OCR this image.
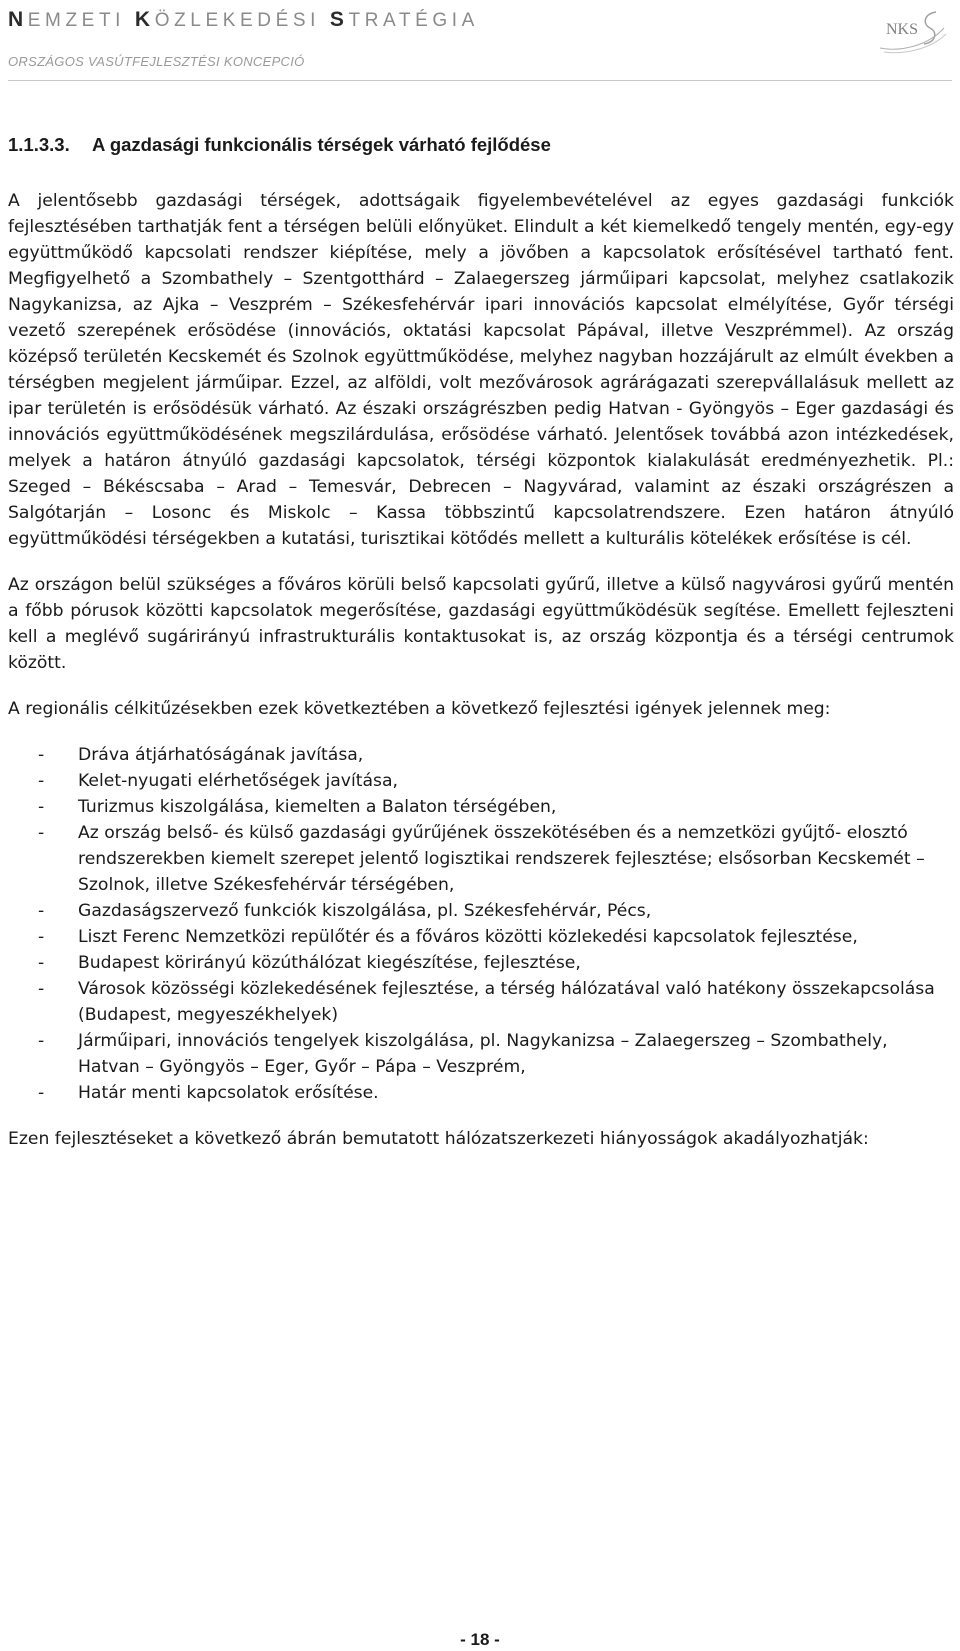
NEMZETI KÖZLEKEDÉSI STRATÉGIA
ORSZÁGOS VASÚTFEJLESZTÉSI KONCEPCIÓ
NKS
1.1.3.3. A gazdasági funkcionális térségek várható fejlődése

A jelentősebb gazdasági térségek, adottságaik figyelembevételével az egyes gazdasági funkciók fejlesztésében tarthatják fent a térségen belüli előnyüket. Elindult a két kiemelkedő tengely mentén, egy-egy együttműködő kapcsolati rendszer kiépítése, mely a jövőben a kapcsolatok erősítésével tartható fent. Megfigyelhető a Szombathely – Szentgotthárd – Zalaegerszeg járműipari kapcsolat, melyhez csatlakozik Nagykanizsa, az Ajka – Veszprém – Székesfehérvár ipari innovációs kapcsolat elmélyítése, Győr térségi vezető szerepének erősödése (innovációs, oktatási kapcsolat Pápával, illetve Veszprémmel). Az ország középső területén Kecskemét és Szolnok együttműködése, melyhez nagyban hozzájárult az elmúlt években a térségben megjelent járműipar. Ezzel, az alföldi, volt mezővárosok agrárágazati szerepvállalásuk mellett az ipar területén is erősödésük várható. Az északi országrészben pedig Hatvan - Gyöngyös – Eger gazdasági és innovációs együttműködésének megszilárdulása, erősödése várható. Jelentősek továbbá azon intézkedések, melyek a határon átnyúló gazdasági kapcsolatok, térségi központok kialakulását eredményezhetik. Pl.: Szeged – Békéscsaba – Arad – Temesvár, Debrecen – Nagyvárad, valamint az északi országrészen a Salgótarján – Losonc és Miskolc – Kassa többszintű kapcsolatrendszere. Ezen határon átnyúló együttműködési térségekben a kutatási, turisztikai kötődés mellett a kulturális kötelékek erősítése is cél.

Az országon belül szükséges a főváros körüli belső kapcsolati gyűrű, illetve a külső nagyvárosi gyűrű mentén a főbb pórusok közötti kapcsolatok megerősítése, gazdasági együttműködésük segítése. Emellett fejleszteni kell a meglévő sugárirányú infrastrukturális kontaktusokat is, az ország központja és a térségi centrumok között.

A regionális célkitűzésekben ezek következtében a következő fejlesztési igények jelennek meg:

- Dráva átjárhatóságának javítása,
- Kelet-nyugati elérhetőségek javítása,
- Turizmus kiszolgálása, kiemelten a Balaton térségében,
- Az ország belső- és külső gazdasági gyűrűjének összekötésében és a nemzetközi gyűjtő- elosztó rendszerekben kiemelt szerepet jelentő logisztikai rendszerek fejlesztése; elsősorban Kecskemét – Szolnok, illetve Székesfehérvár térségében,
- Gazdaságszervező funkciók kiszolgálása, pl. Székesfehérvár, Pécs,
- Liszt Ferenc Nemzetközi repülőtér és a főváros közötti közlekedési kapcsolatok fejlesztése,
- Budapest körirányú közúthálózat kiegészítése, fejlesztése,
- Városok közösségi közlekedésének fejlesztése, a térség hálózatával való hatékony összekapcsolása (Budapest, megyeszékhelyek)
- Járműipari, innovációs tengelyek kiszolgálása, pl. Nagykanizsa – Zalaegerszeg – Szombathely, Hatvan – Gyöngyös – Eger, Győr – Pápa – Veszprém,
- Határ menti kapcsolatok erősítése.

Ezen fejlesztéseket a következő ábrán bemutatott hálózatszerkezeti hiányosságok akadályozhatják:

- 18 -
